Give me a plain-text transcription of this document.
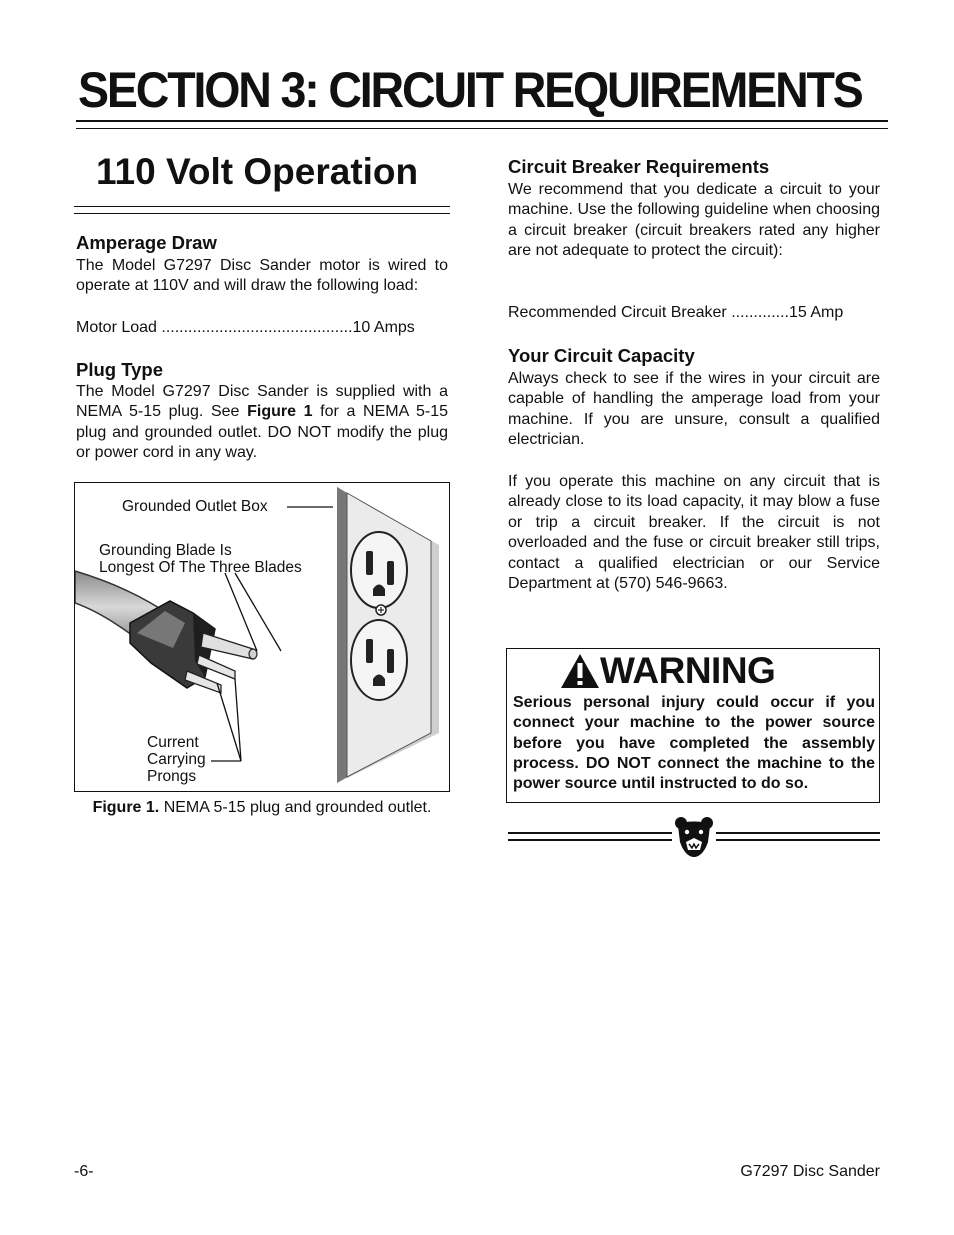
SECTION 3: CIRCUIT REQUIREMENTS
110 Volt Operation
Amperage Draw
The Model G7297 Disc Sander motor is wired to operate at 110V and will draw the following load:
Motor Load ...........................................10 Amps
Plug Type
The Model G7297 Disc Sander is supplied with a NEMA 5-15 plug. See Figure 1 for a NEMA 5-15 plug and grounded outlet. DO NOT modify the plug or power cord in any way.
Grounded Outlet Box
Grounding Blade Is
Longest Of The Three Blades
Current
Carrying
Prongs
Figure 1. NEMA 5-15 plug and grounded outlet.
Circuit Breaker Requirements
We recommend that you dedicate a circuit to your machine. Use the following guideline when choosing a circuit breaker (circuit breakers rated any higher are not adequate to protect the circuit):
Recommended Circuit Breaker .............15 Amp
Your Circuit Capacity
Always check to see if the wires in your circuit are capable of handling the amperage load from your machine. If you are unsure, consult a qualified electrician.
If you operate this machine on any circuit that is already close to its load capacity, it may blow a fuse or trip a circuit breaker. If the circuit is not overloaded and the fuse or circuit breaker still trips, contact a qualified electrician or our Service Department at (570) 546-9663.
WARNING
Serious personal injury could occur if you connect your machine to the power source before you have completed the assembly process. DO NOT connect the machine to the power source until instructed to do so.
-6-	G7297 Disc Sander
